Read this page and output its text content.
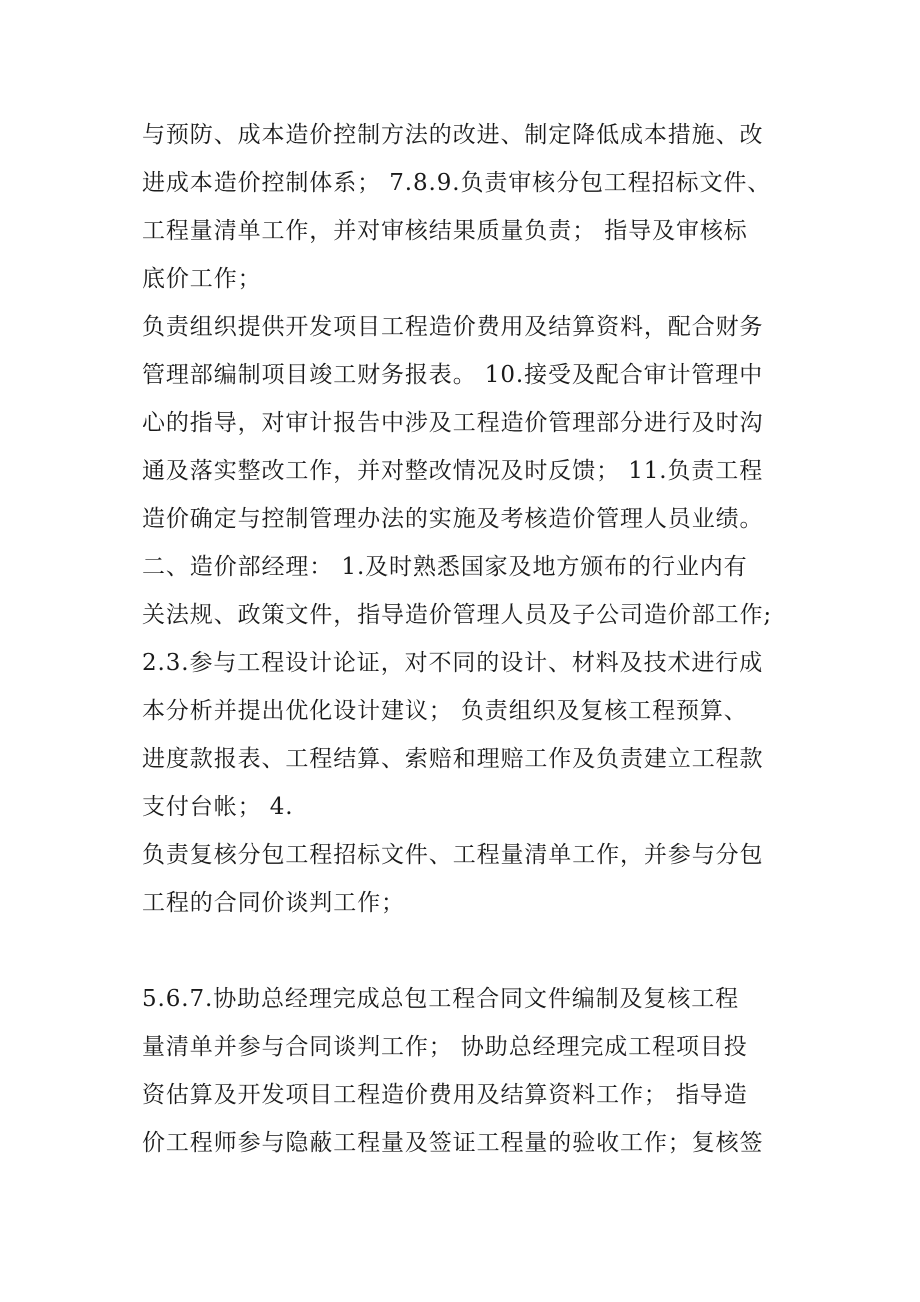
与预防、成本造价控制方法的改进、制定降低成本措施、改
进成本造价控制体系； 7.8.9.负责审核分包工程招标文件、
工程量清单工作，并对审核结果质量负责； 指导及审核标
底价工作；
负责组织提供开发项目工程造价费用及结算资料，配合财务
管理部编制项目竣工财务报表。 10.接受及配合审计管理中
心的指导，对审计报告中涉及工程造价管理部分进行及时沟
通及落实整改工作，并对整改情况及时反馈； 11.负责工程
造价确定与控制管理办法的实施及考核造价管理人员业绩。
二、造价部经理： 1.及时熟悉国家及地方颁布的行业内有
关法规、政策文件，指导造价管理人员及子公司造价部工作;
2.3.参与工程设计论证，对不同的设计、材料及技术进行成
本分析并提出优化设计建议； 负责组织及复核工程预算、
进度款报表、工程结算、索赔和理赔工作及负责建立工程款
支付台帐； 4.
负责复核分包工程招标文件、工程量清单工作，并参与分包
工程的合同价谈判工作；
5.6.7.协助总经理完成总包工程合同文件编制及复核工程
量清单并参与合同谈判工作； 协助总经理完成工程项目投
资估算及开发项目工程造价费用及结算资料工作； 指导造
价工程师参与隐蔽工程量及签证工程量的验收工作；复核签
